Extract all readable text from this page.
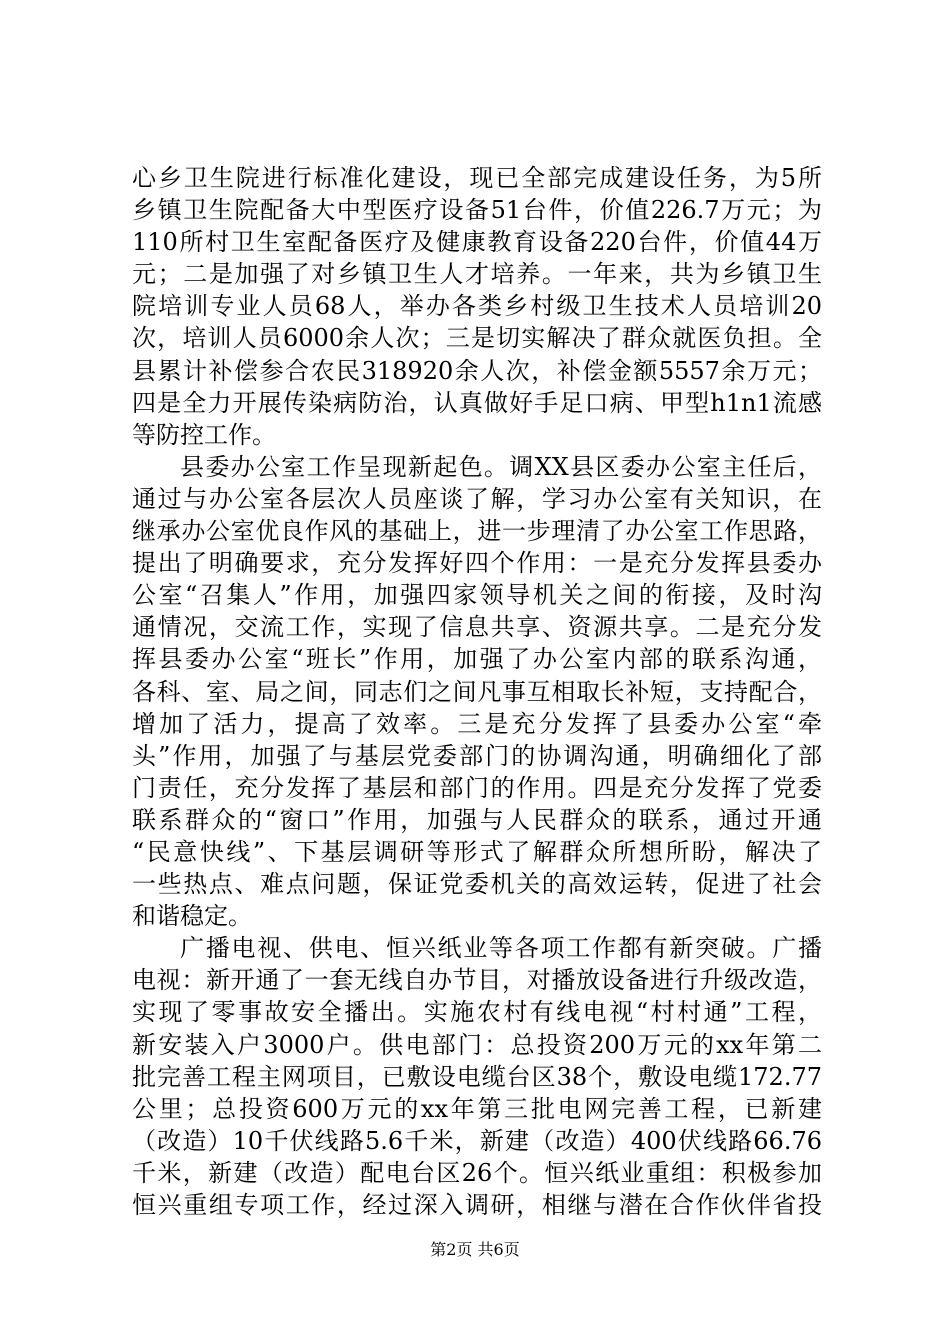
心乡卫生院进行标准化建设，现已全部完成建设任务，为5所
乡镇卫生院配备大中型医疗设备51台件，价值226.7万元；为
110所村卫生室配备医疗及健康教育设备220台件，价值44万
元；二是加强了对乡镇卫生人才培养。一年来，共为乡镇卫生
院培训专业人员68人，举办各类乡村级卫生技术人员培训20
次，培训人员6000余人次；三是切实解决了群众就医负担。全
县累计补偿参合农民318920余人次，补偿金额5557余万元；
四是全力开展传染病防治，认真做好手足口病、甲型h1n1流感
等防控工作。
县委办公室工作呈现新起色。调XX县区委办公室主任后，
通过与办公室各层次人员座谈了解，学习办公室有关知识，在
继承办公室优良作风的基础上，进一步理清了办公室工作思路，
提出了明确要求，充分发挥好四个作用：一是充分发挥县委办
公室“召集人”作用，加强四家领导机关之间的衔接，及时沟
通情况，交流工作，实现了信息共享、资源共享。二是充分发
挥县委办公室“班长”作用，加强了办公室内部的联系沟通，
各科、室、局之间，同志们之间凡事互相取长补短，支持配合，
增加了活力，提高了效率。三是充分发挥了县委办公室“牵
头”作用，加强了与基层党委部门的协调沟通，明确细化了部
门责任，充分发挥了基层和部门的作用。四是充分发挥了党委
联系群众的“窗口”作用，加强与人民群众的联系，通过开通
“民意快线”、下基层调研等形式了解群众所想所盼，解决了
一些热点、难点问题，保证党委机关的高效运转，促进了社会
和谐稳定。
广播电视、供电、恒兴纸业等各项工作都有新突破。广播
电视：新开通了一套无线自办节目，对播放设备进行升级改造，
实现了零事故安全播出。实施农村有线电视“村村通”工程，
新安装入户3000户。供电部门：总投资200万元的xx年第二
批完善工程主网项目，已敷设电缆台区38个，敷设电缆172.77
公里；总投资600万元的xx年第三批电网完善工程，已新建
（改造）10千伏线路5.6千米，新建（改造）400伏线路66.76
千米，新建（改造）配电台区26个。恒兴纸业重组：积极参加
恒兴重组专项工作，经过深入调研，相继与潜在合作伙伴省投
第2页 共6页
